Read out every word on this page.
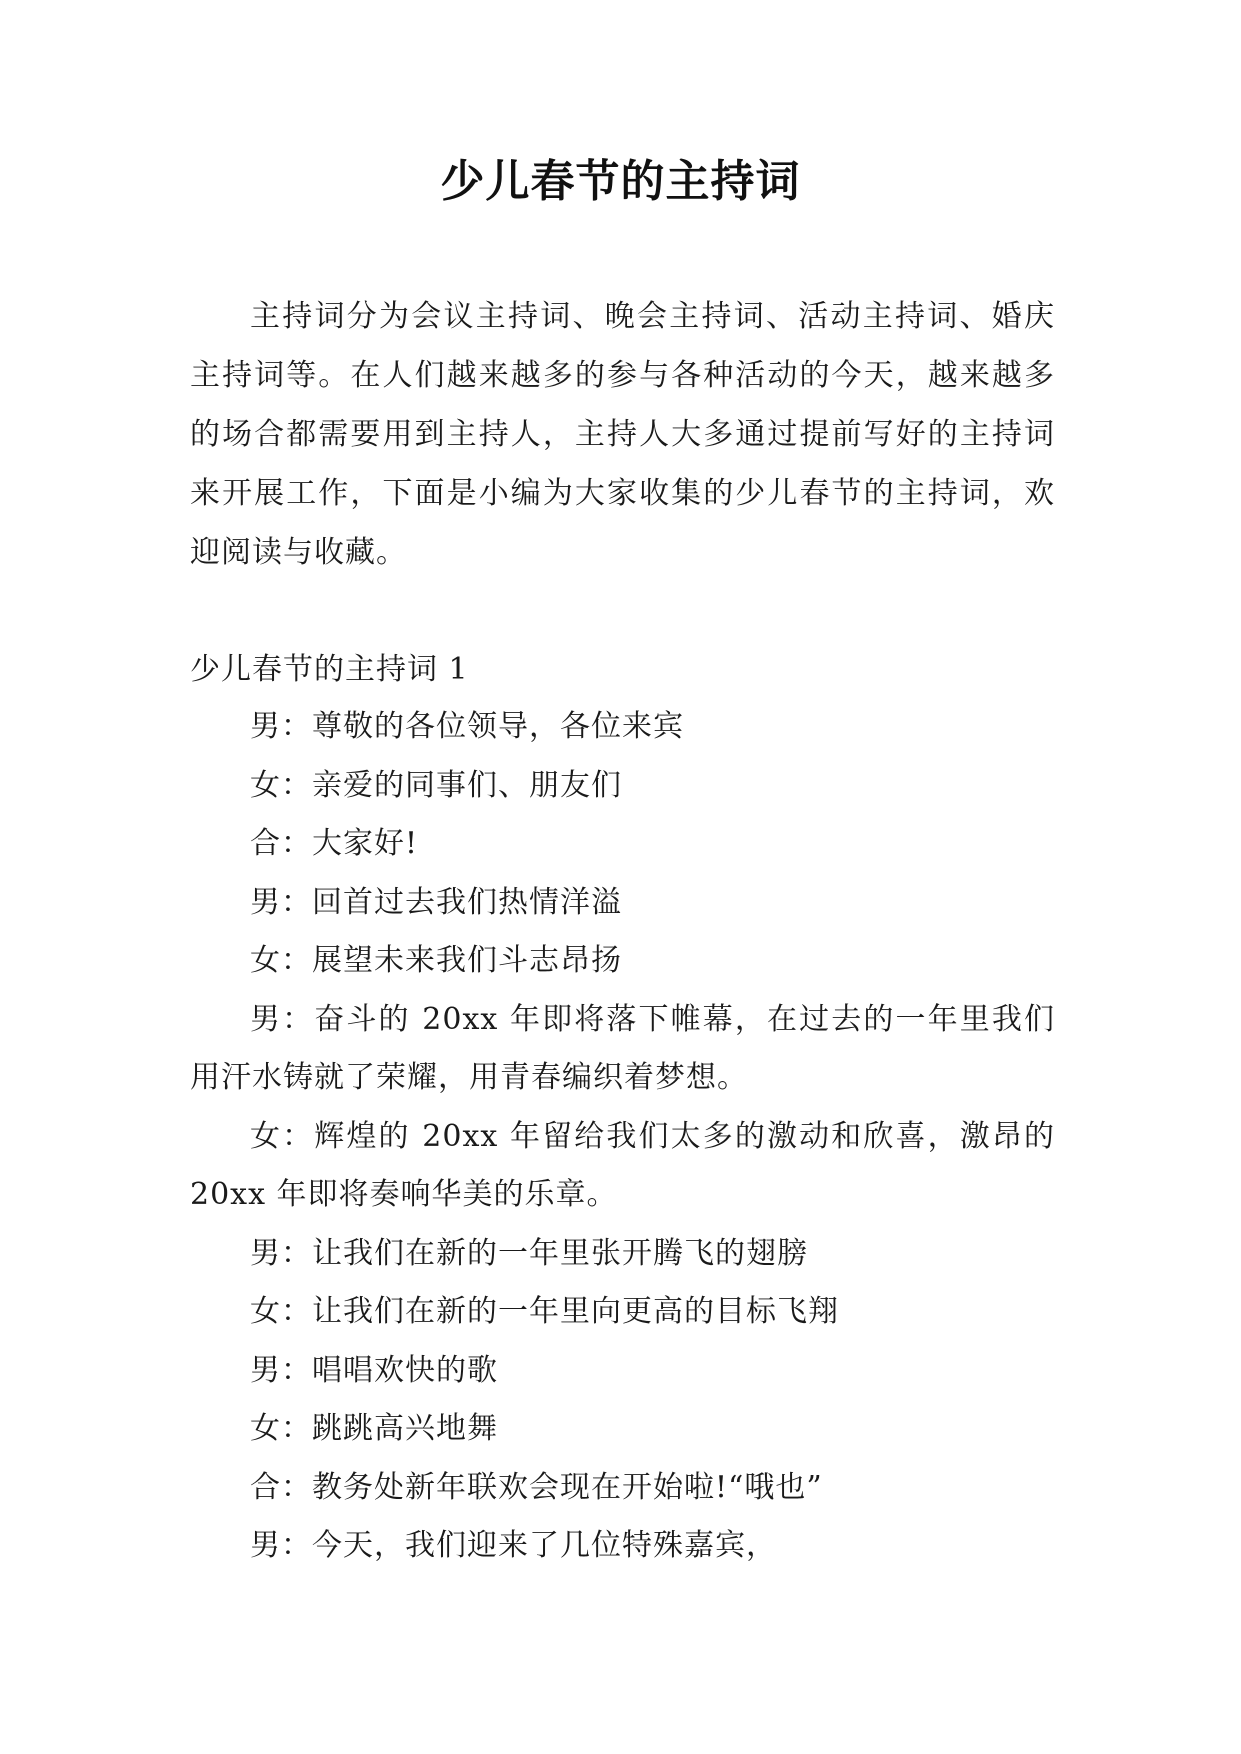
少儿春节的主持词

主持词分为会议主持词、晚会主持词、活动主持词、婚庆主持词等。在人们越来越多的参与各种活动的今天，越来越多的场合都需要用到主持人，主持人大多通过提前写好的主持词来开展工作，下面是小编为大家收集的少儿春节的主持词，欢迎阅读与收藏。

少儿春节的主持词 1
男：尊敬的各位领导，各位来宾
女：亲爱的同事们、朋友们
合：大家好!
男：回首过去我们热情洋溢
女：展望未来我们斗志昂扬
男：奋斗的 20xx 年即将落下帷幕，在过去的一年里我们用汗水铸就了荣耀，用青春编织着梦想。
女：辉煌的 20xx 年留给我们太多的激动和欣喜，激昂的 20xx 年即将奏响华美的乐章。
男：让我们在新的一年里张开腾飞的翅膀
女：让我们在新的一年里向更高的目标飞翔
男：唱唱欢快的歌
女：跳跳高兴地舞
合：教务处新年联欢会现在开始啦!“哦也”
男：今天，我们迎来了几位特殊嘉宾，
